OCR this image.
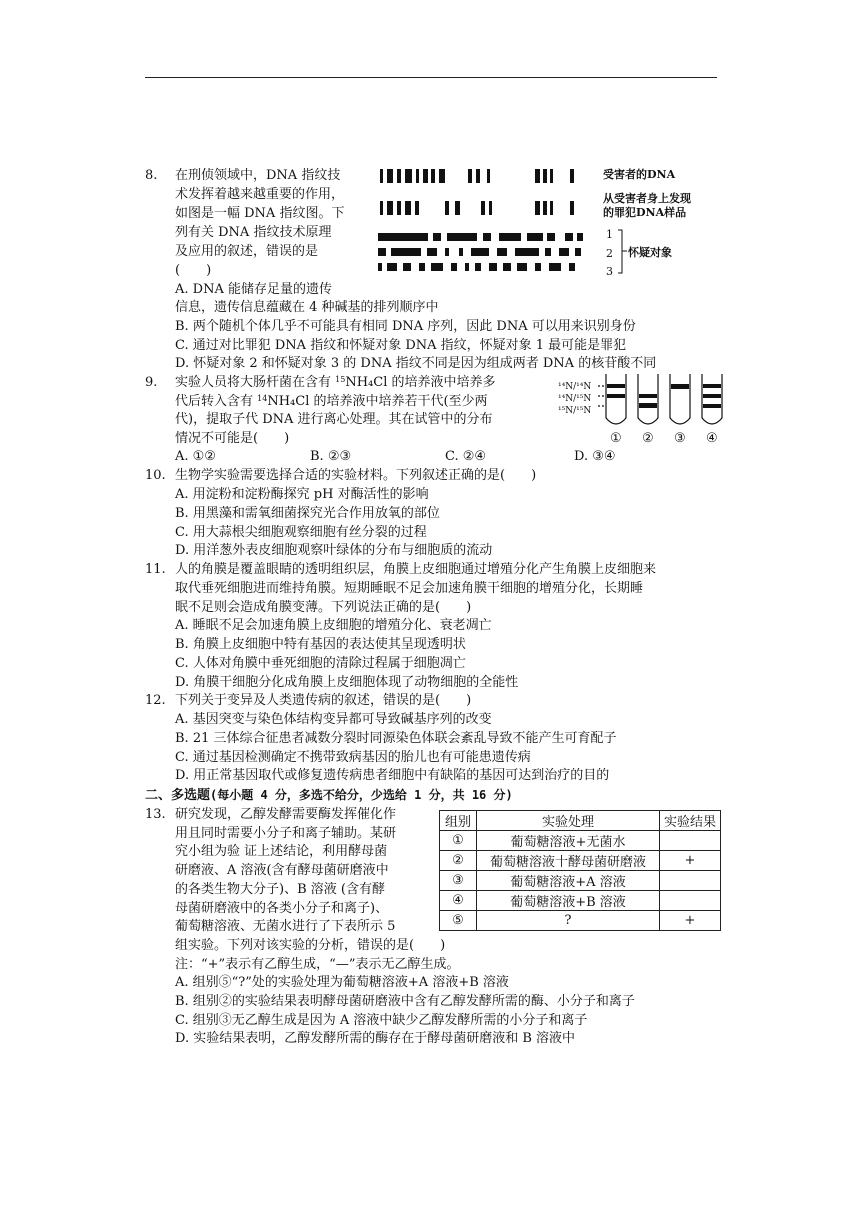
8. 在刑侦领域中，DNA 指纹技
术发挥着越来越重要的作用，
如图是一幅 DNA 指纹图。下
列有关 DNA 指纹技术原理
及应用的叙述，错误的是
(　　)
A. DNA 能储存足量的遗传
信息，遗传信息蕴藏在 4 种碱基的排列顺序中
B. 两个随机个体几乎不可能具有相同 DNA 序列，因此 DNA 可以用来识别身份
C. 通过对比罪犯 DNA 指纹和怀疑对象 DNA 指纹，怀疑对象 1 最可能是罪犯
D. 怀疑对象 2 和怀疑对象 3 的 DNA 指纹不同是因为组成两者 DNA 的核苷酸不同
受害者的DNA
从受害者身上发现
的罪犯DNA样品
1
2
3
怀疑对象
9. 实验人员将大肠杆菌在含有 $^{15}$NH₄Cl 的培养液中培养多
代后转入含有 $^{14}$NH₄Cl 的培养液中培养若干代(至少两
代)，提取子代 DNA 进行离心处理。其在试管中的分布
情况不可能是(　　)
A. ①②	B. ②③	C. ②④	D. ③④
¹⁴N/¹⁴N
¹⁴N/¹⁵N
¹⁵N/¹⁵N
① ② ③ ④
10. 生物学实验需要选择合适的实验材料。下列叙述正确的是(　　)
A. 用淀粉和淀粉酶探究 pH 对酶活性的影响
B. 用黑藻和需氧细菌探究光合作用放氧的部位
C. 用大蒜根尖细胞观察细胞有丝分裂的过程
D. 用洋葱外表皮细胞观察叶绿体的分布与细胞质的流动
11. 人的角膜是覆盖眼睛的透明组织层，角膜上皮细胞通过增殖分化产生角膜上皮细胞来
取代垂死细胞进而维持角膜。短期睡眠不足会加速角膜干细胞的增殖分化，长期睡
眠不足则会造成角膜变薄。下列说法正确的是(　　)
A. 睡眠不足会加速角膜上皮细胞的增殖分化、衰老凋亡
B. 角膜上皮细胞中特有基因的表达使其呈现透明状
C. 人体对角膜中垂死细胞的清除过程属于细胞凋亡
D. 角膜干细胞分化成角膜上皮细胞体现了动物细胞的全能性
12. 下列关于变异及人类遗传病的叙述，错误的是(　　)
A. 基因突变与染色体结构变异都可导致碱基序列的改变
B. 21 三体综合征患者减数分裂时同源染色体联会紊乱导致不能产生可育配子
C. 通过基因检测确定不携带致病基因的胎儿也有可能患遗传病
D. 用正常基因取代或修复遗传病患者细胞中有缺陷的基因可达到治疗的目的
二、多选题(每小题 4 分，多选不给分，少选给 1 分，共 16 分)
13. 研究发现，乙醇发酵需要酶发挥催化作
用且同时需要小分子和离子辅助。某研
究小组为验 证上述结论，利用酵母菌
研磨液、A 溶液(含有酵母菌研磨液中
的各类生物大分子)、B 溶液 (含有酵
母菌研磨液中的各类小分子和离子)、
葡萄糖溶液、无菌水进行了下表所示 5
组实验。下列对该实验的分析，错误的是(　　)
注：“+”表示有乙醇生成，“—”表示无乙醇生成。
A. 组别⑤“?”处的实验处理为葡萄糖溶液+A 溶液+B 溶液
B. 组别②的实验结果表明酵母菌研磨液中含有乙醇发酵所需的酶、小分子和离子
C. 组别③无乙醇生成是因为 A 溶液中缺少乙醇发酵所需的小分子和离子
D. 实验结果表明，乙醇发酵所需的酶存在于酵母菌研磨液和 B 溶液中
组别	实验处理	实验结果
①	葡萄糖溶液+无菌水	
②	葡萄糖溶液十酵母菌研磨液	+
③	葡萄糖溶液+A 溶液	
④	葡萄糖溶液+B 溶液	
⑤	?	+
